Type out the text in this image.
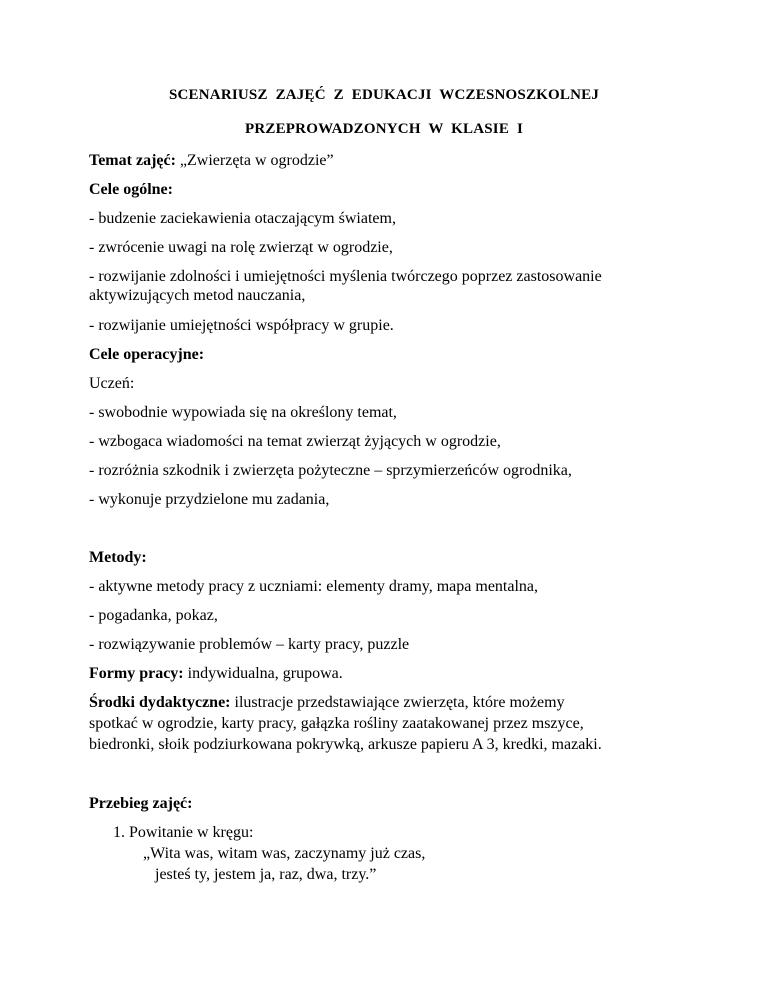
SCENARIUSZ  ZAJĘĆ  Z  EDUKACJI  WCZESNOSZKOLNEJ
PRZEPROWADZONYCH  W  KLASIE  I
Temat zajęć: „Zwierzęta w ogrodzie”
Cele ogólne:
- budzenie zaciekawienia otaczającym światem,
- zwrócenie uwagi na rolę zwierząt w ogrodzie,
- rozwijanie zdolności i umiejętności myślenia twórczego poprzez zastosowanie
aktywizujących metod nauczania,
- rozwijanie umiejętności współpracy w grupie.
Cele operacyjne:
Uczeń:
- swobodnie wypowiada się na określony temat,
- wzbogaca wiadomości na temat zwierząt żyjących w ogrodzie,
- rozróżnia szkodnik i zwierzęta pożyteczne – sprzymierzeńców ogrodnika,
- wykonuje przydzielone mu zadania,
Metody:
- aktywne metody pracy z uczniami: elementy dramy, mapa mentalna,
- pogadanka, pokaz,
- rozwiązywanie problemów – karty pracy, puzzle
Formy pracy: indywidualna, grupowa.
Środki dydaktyczne: ilustracje przedstawiające zwierzęta, które możemy
spotkać w ogrodzie, karty pracy, gałązka rośliny zaatakowanej przez mszyce,
biedronki, słoik podziurkowana pokrywką, arkusze papieru A 3, kredki, mazaki.
Przebieg zajęć:
1. Powitanie w kręgu:
„Wita was, witam was, zaczynamy już czas,
jesteś ty, jestem ja, raz, dwa, trzy.”
